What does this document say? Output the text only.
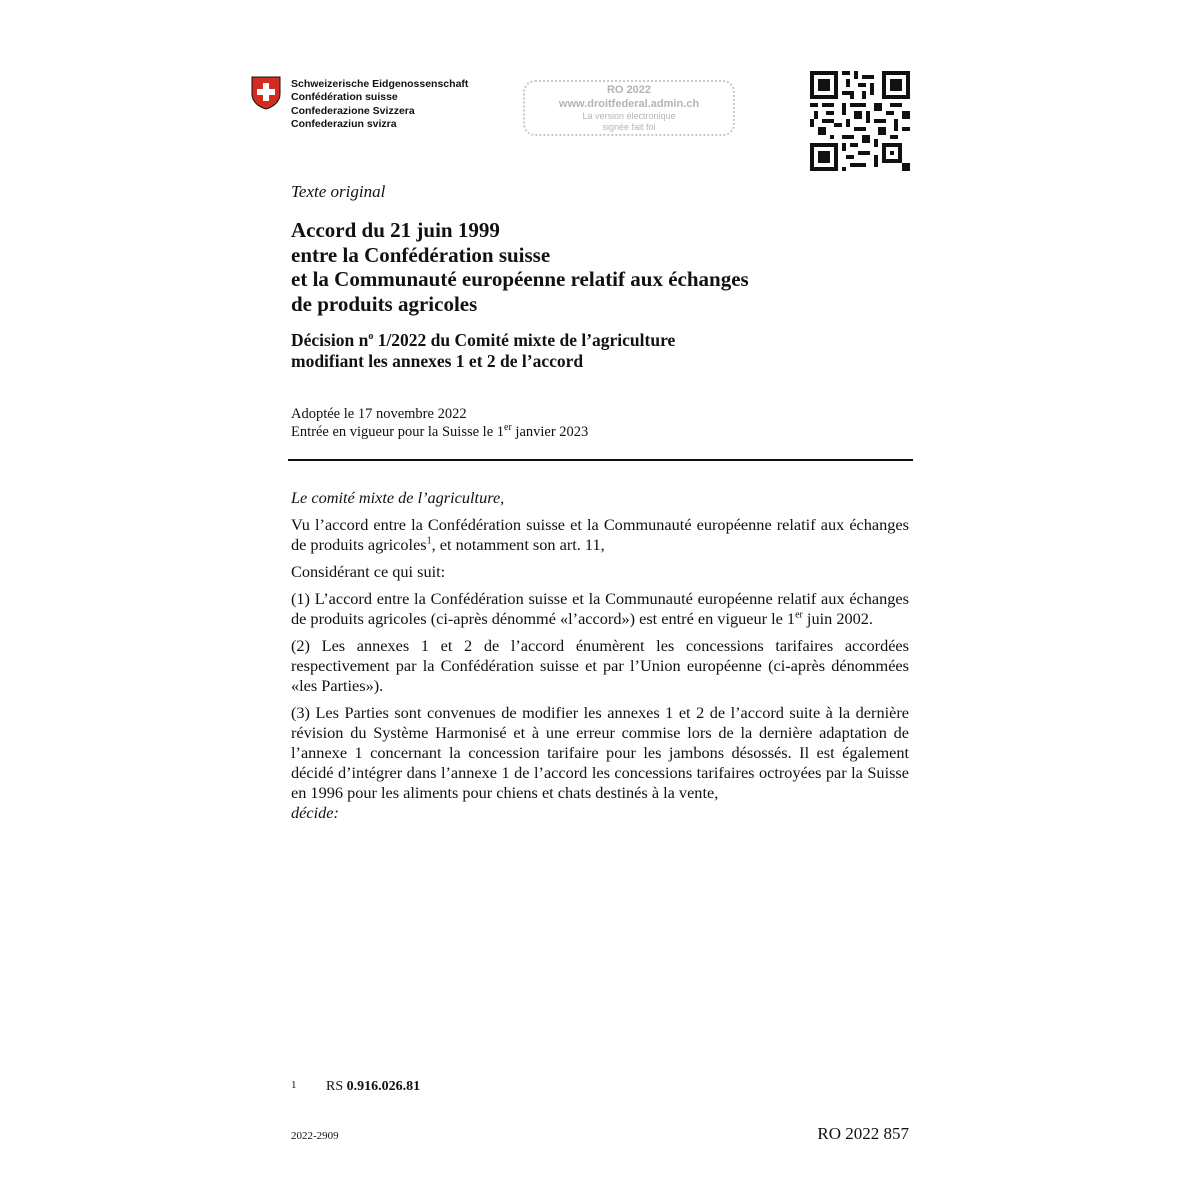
Schweizerische Eidgenossenschaft
Confédération suisse
Confederazione Svizzera
Confederaziun svizra
RO 2022
www.droitfederal.admin.ch
La version électronique
signée fait foi
Texte original
Accord du 21 juin 1999
entre la Confédération suisse
et la Communauté européenne relatif aux échanges
de produits agricoles
Décision $n^o$ 1/2022 du Comité mixte de l’agriculture
modifiant les annexes 1 et 2 de l’accord
Adoptée le 17 novembre 2022
Entrée en vigueur pour la Suisse le 1er janvier 2023

Le comité mixte de l’agriculture,

Vu l’accord entre la Confédération suisse et la Communauté européenne relatif aux échanges de produits agricoles$^1$, et notamment son art. 11,

Considérant ce qui suit:

(1) L’accord entre la Confédération suisse et la Communauté européenne relatif aux échanges de produits agricoles (ci-après dénommé «l’accord») est entré en vigueur le 1er juin 2002.

(2) Les annexes 1 et 2 de l’accord énumèrent les concessions tarifaires accordées respectivement par la Confédération suisse et par l’Union européenne (ci-après dénommées «les Parties»).

(3) Les Parties sont convenues de modifier les annexes 1 et 2 de l’accord suite à la dernière révision du Système Harmonisé et à une erreur commise lors de la dernière adaptation de l’annexe 1 concernant la concession tarifaire pour les jambons désossés. Il est également décidé d’intégrer dans l’annexe 1 de l’accord les concessions tarifaires octroyées par la Suisse en 1996 pour les aliments pour chiens et chats destinés à la vente,

décide:

1 RS 0.916.026.81
2022-2909	RO 2022 857
